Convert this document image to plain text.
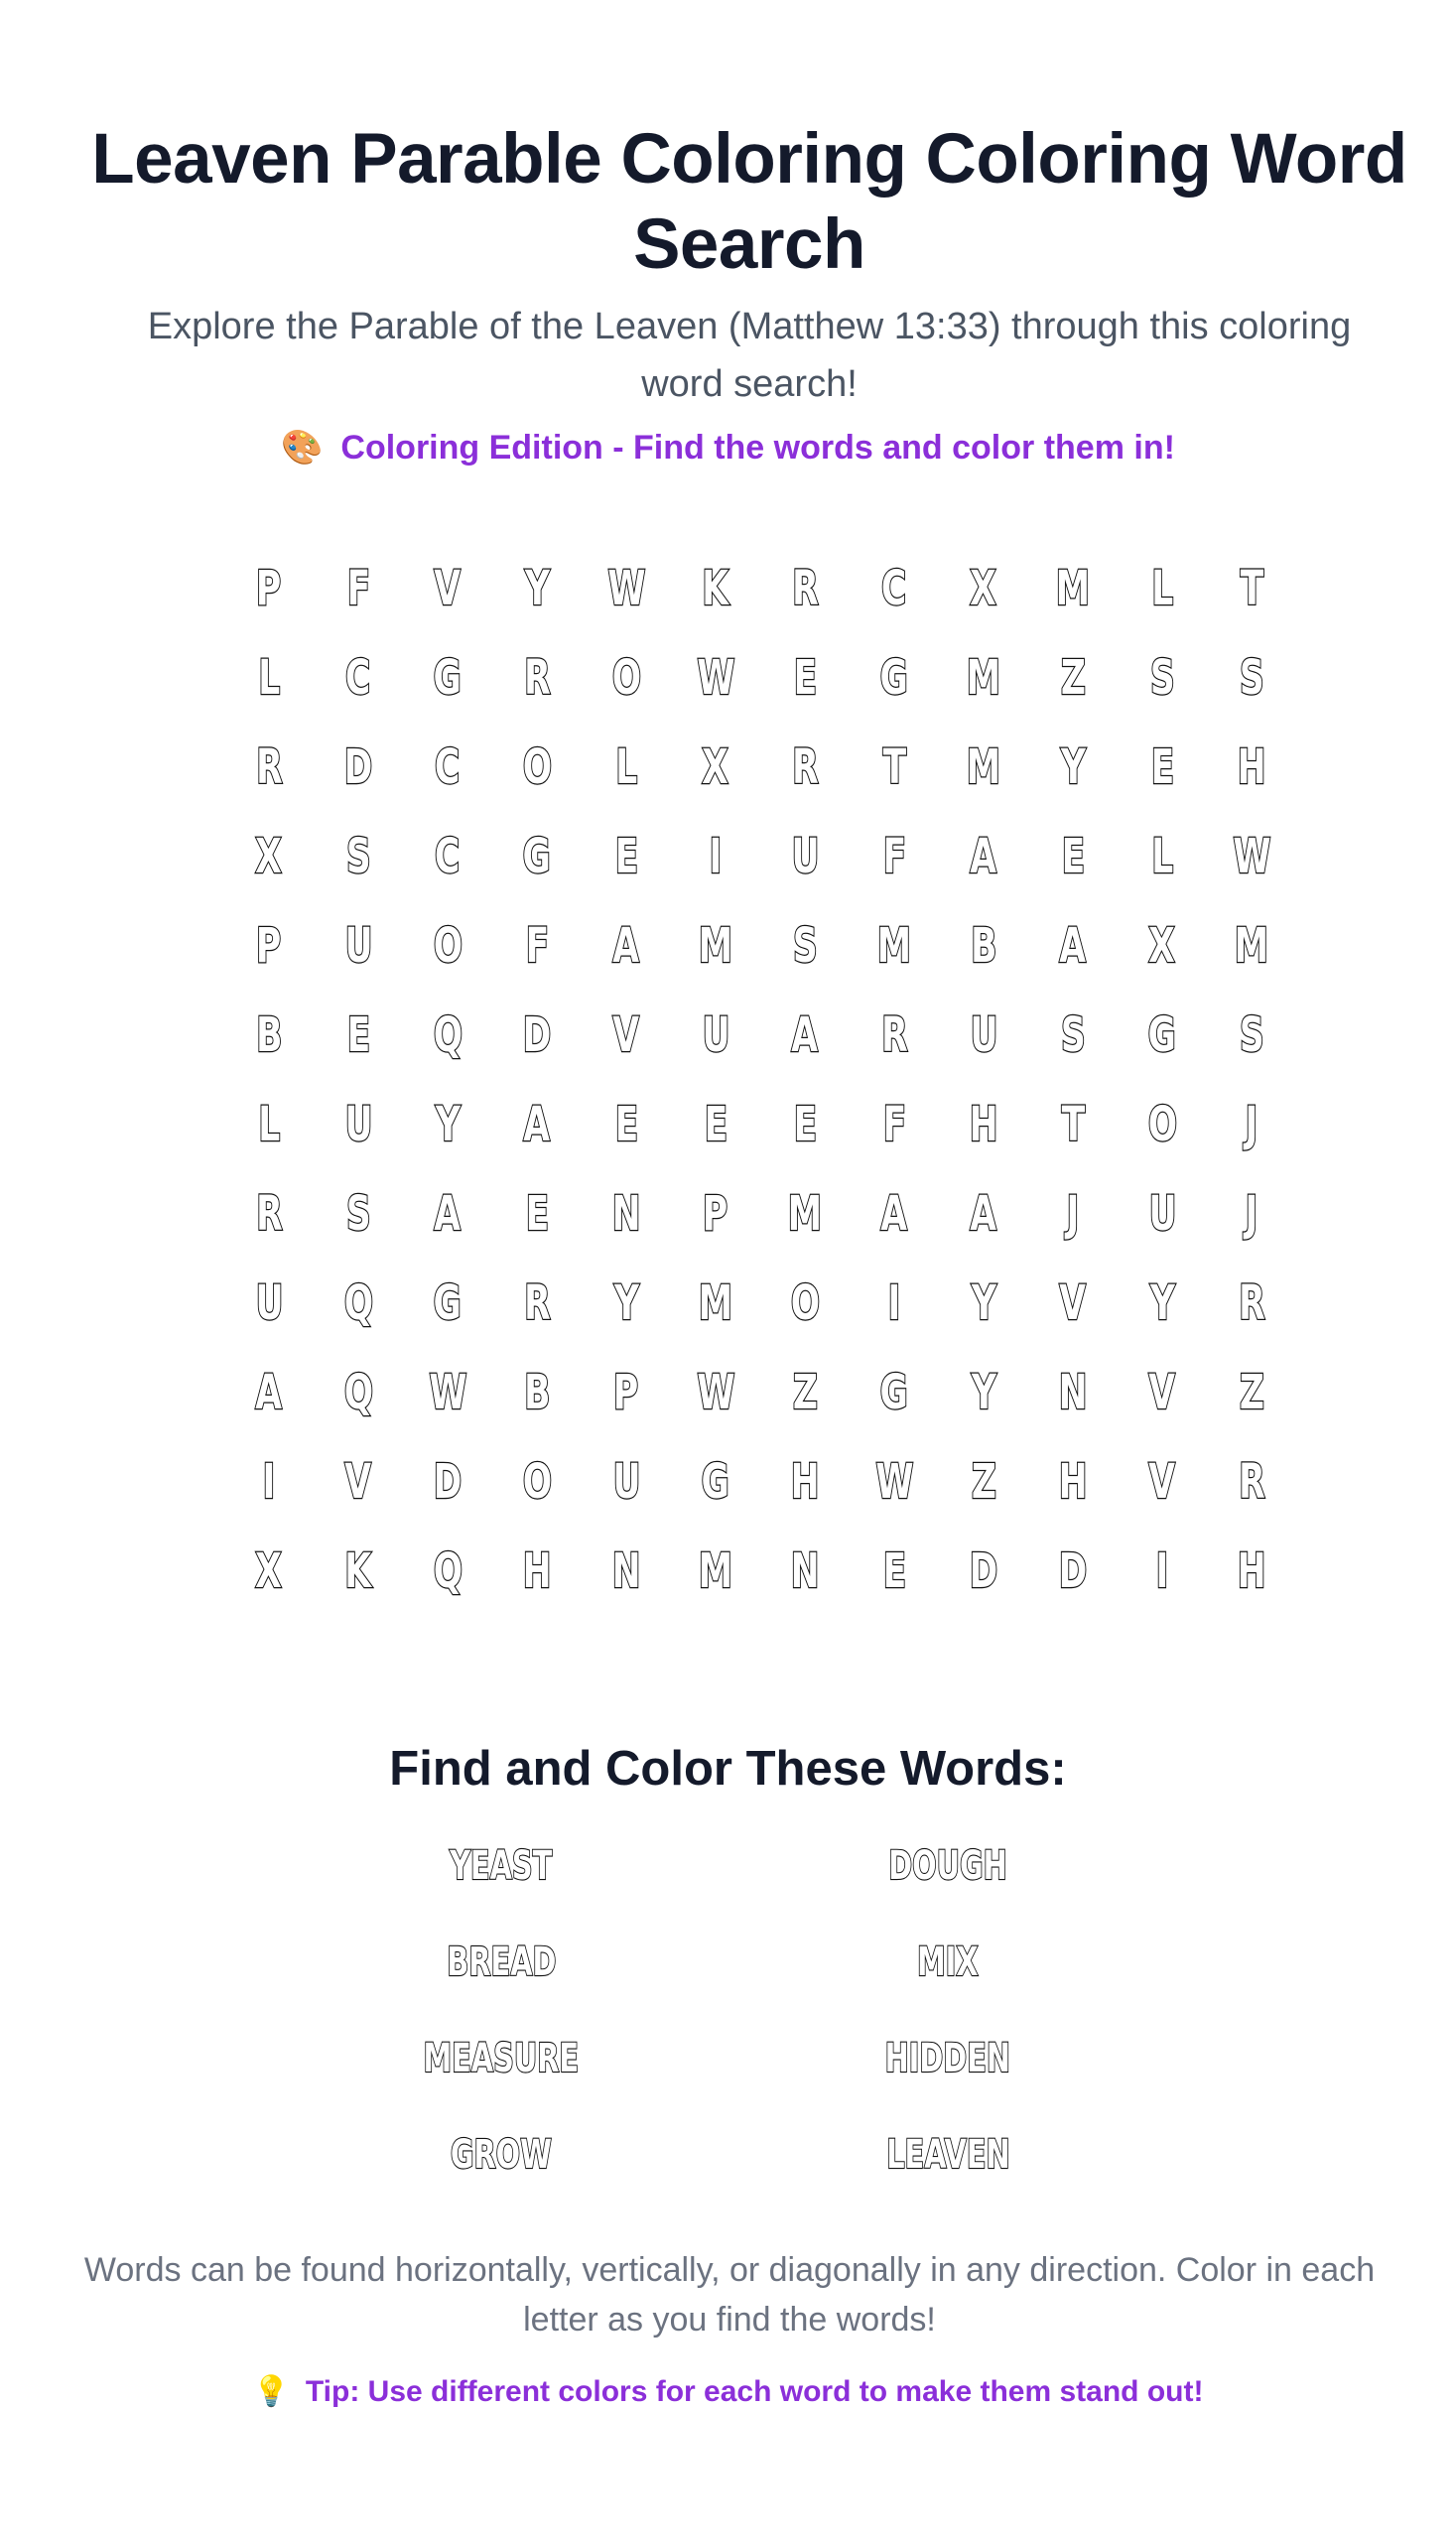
Leaven Parable Coloring Coloring Word Search
Explore the Parable of the Leaven (Matthew 13:33) through this coloring word search!
🎨 Coloring Edition - Find the words and color them in!
P F V Y W K R C X M L T
L C G R O W E G M Z S S
R D C O L X R T M Y E H
X S C G E I U F A E L W
P U O F A M S M B A X M
B E Q D V U A R U S G S
L U Y A E E E F H T O J
R S A E N P M A A J U J
U Q G R Y M O I Y V Y R
A Q W B P W Z G Y N V Z
I V D O U G H W Z H V R
X K Q H N M N E D D I H
Find and Color These Words:
YEAST	DOUGH
BREAD	MIX
MEASURE	HIDDEN
GROW	LEAVEN
Words can be found horizontally, vertically, or diagonally in any direction. Color in each letter as you find the words!
💡 Tip: Use different colors for each word to make them stand out!
